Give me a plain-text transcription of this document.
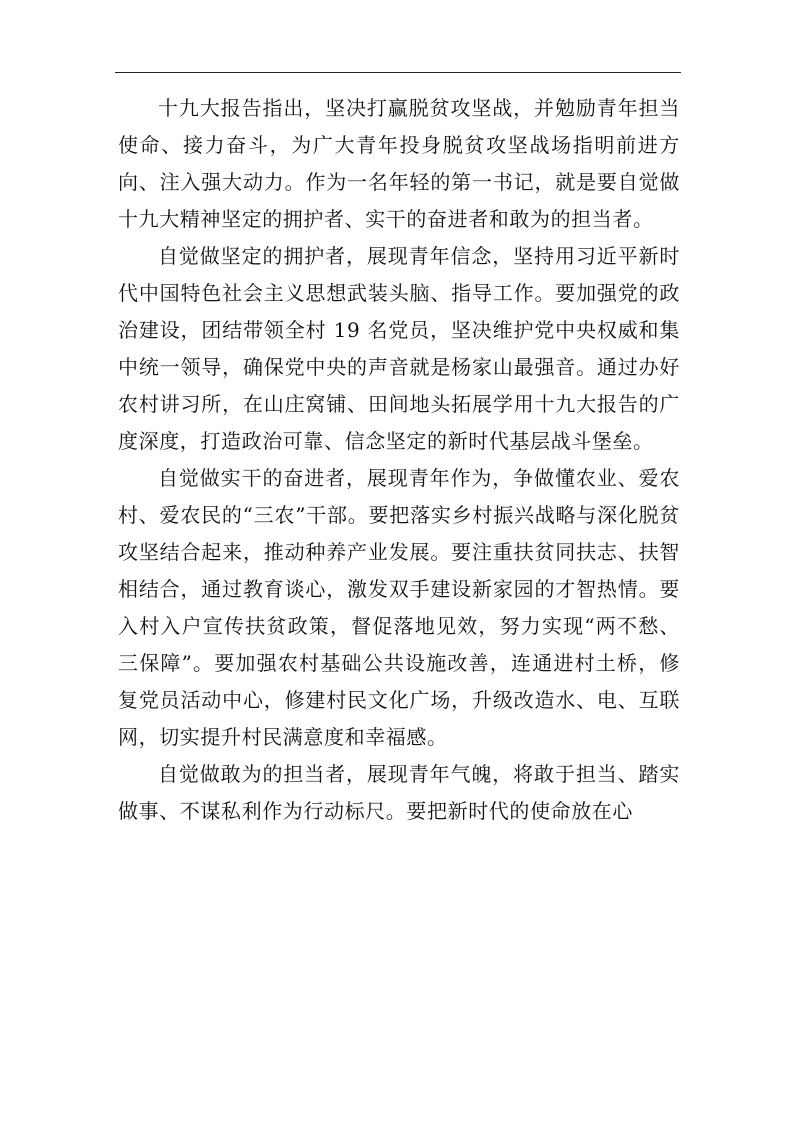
十九大报告指出，坚决打赢脱贫攻坚战，并勉励青年担当使命、接力奋斗，为广大青年投身脱贫攻坚战场指明前进方向、注入强大动力。作为一名年轻的第一书记，就是要自觉做十九大精神坚定的拥护者、实干的奋进者和敢为的担当者。

自觉做坚定的拥护者，展现青年信念，坚持用习近平新时代中国特色社会主义思想武装头脑、指导工作。要加强党的政治建设，团结带领全村 19 名党员，坚决维护党中央权威和集中统一领导，确保党中央的声音就是杨家山最强音。通过办好农村讲习所，在山庄窝铺、田间地头拓展学用十九大报告的广度深度，打造政治可靠、信念坚定的新时代基层战斗堡垒。

自觉做实干的奋进者，展现青年作为，争做懂农业、爱农村、爱农民的“三农”干部。要把落实乡村振兴战略与深化脱贫攻坚结合起来，推动种养产业发展。要注重扶贫同扶志、扶智相结合，通过教育谈心，激发双手建设新家园的才智热情。要入村入户宣传扶贫政策，督促落地见效，努力实现“两不愁、三保障”。要加强农村基础公共设施改善，连通进村土桥，修复党员活动中心，修建村民文化广场，升级改造水、电、互联网，切实提升村民满意度和幸福感。

自觉做敢为的担当者，展现青年气魄，将敢于担当、踏实做事、不谋私利作为行动标尺。要把新时代的使命放在心
